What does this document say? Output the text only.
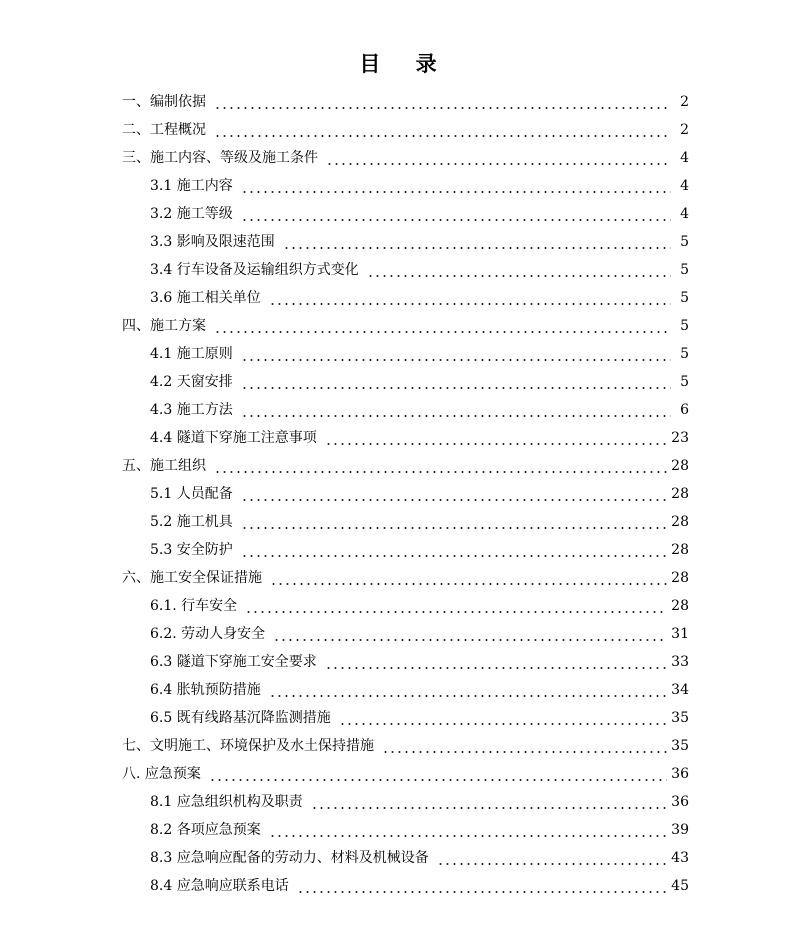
目 录
一、编制依据	2
二、工程概况	2
三、施工内容、等级及施工条件	4
3.1 施工内容	4
3.2 施工等级	4
3.3 影响及限速范围	5
3.4 行车设备及运输组织方式变化	5
3.6 施工相关单位	5
四、施工方案	5
4.1 施工原则	5
4.2 天窗安排	5
4.3 施工方法	6
4.4 隧道下穿施工注意事项	23
五、施工组织	28
5.1 人员配备	28
5.2 施工机具	28
5.3 安全防护	28
六、施工安全保证措施	28
6.1. 行车安全	28
6.2. 劳动人身安全	31
6.3 隧道下穿施工安全要求	33
6.4 胀轨预防措施	34
6.5 既有线路基沉降监测措施	35
七、文明施工、环境保护及水土保持措施	35
八. 应急预案	36
8.1 应急组织机构及职责	36
8.2 各项应急预案	39
8.3 应急响应配备的劳动力、材料及机械设备	43
8.4 应急响应联系电话	45
